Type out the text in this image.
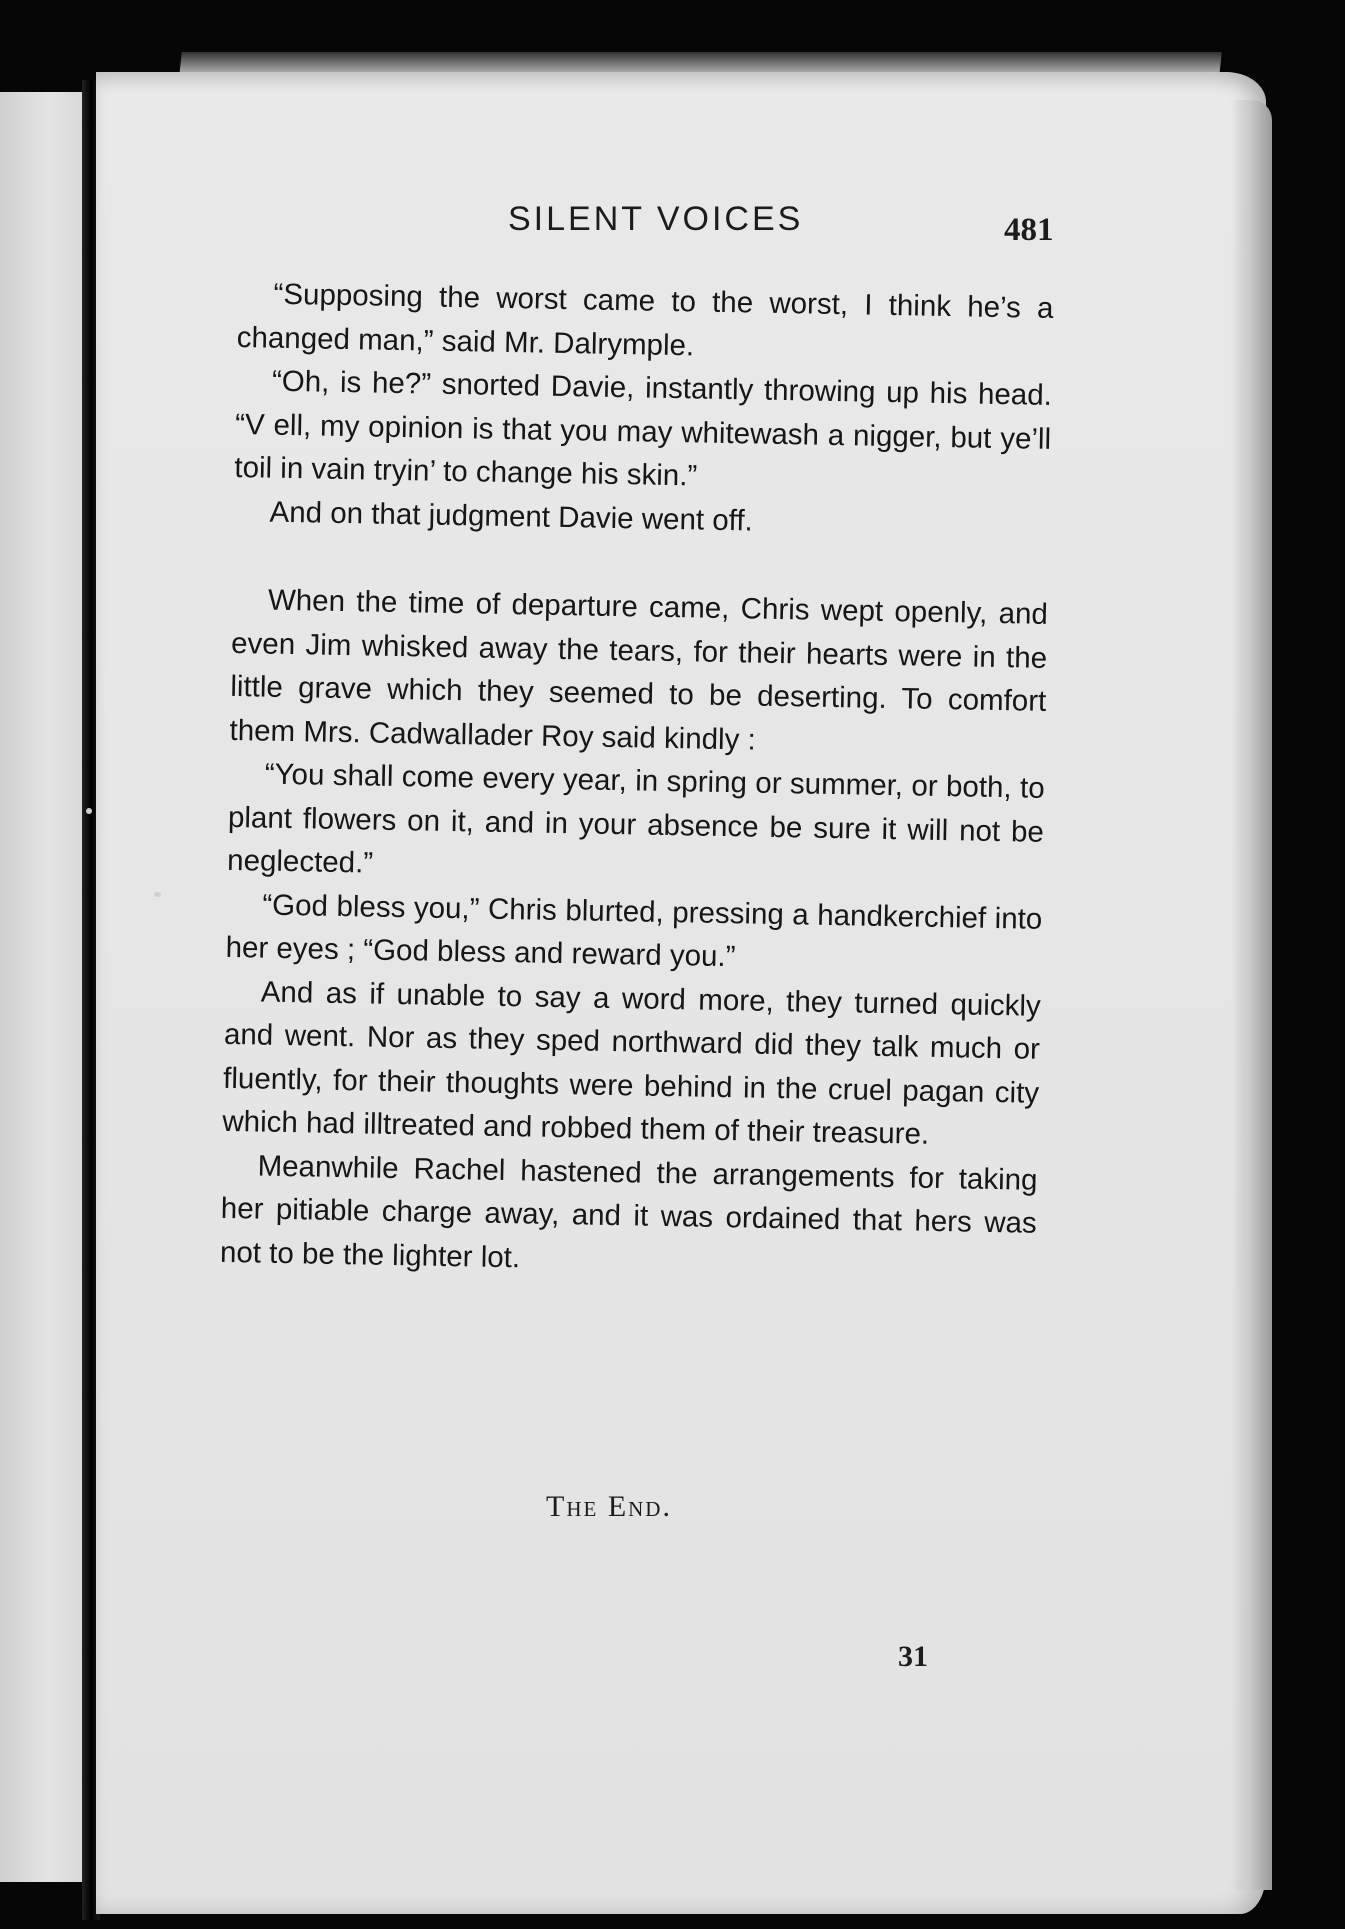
SILENT VOICES	481

“Supposing the worst came to the worst, I think he’s a changed man,” said Mr. Dalrymple.

“Oh, is he?” snorted Davie, instantly throwing up his head. “V ell, my opinion is that you may whitewash a nigger, but ye’ll toil in vain tryin’ to change his skin.”

And on that judgment Davie went off.

When the time of departure came, Chris wept openly, and even Jim whisked away the tears, for their hearts were in the little grave which they seemed to be deserting. To comfort them Mrs. Cadwallader Roy said kindly :

“You shall come every year, in spring or summer, or both, to plant flowers on it, and in your absence be sure it will not be neglected.”

“God bless you,” Chris blurted, pressing a handkerchief into her eyes ; “God bless and reward you.”

And as if unable to say a word more, they turned quickly and went. Nor as they sped northward did they talk much or fluently, for their thoughts were behind in the cruel pagan city which had illtreated and robbed them of their treasure.

Meanwhile Rachel hastened the arrangements for taking her pitiable charge away, and it was ordained that hers was not to be the lighter lot.

The End.
31
